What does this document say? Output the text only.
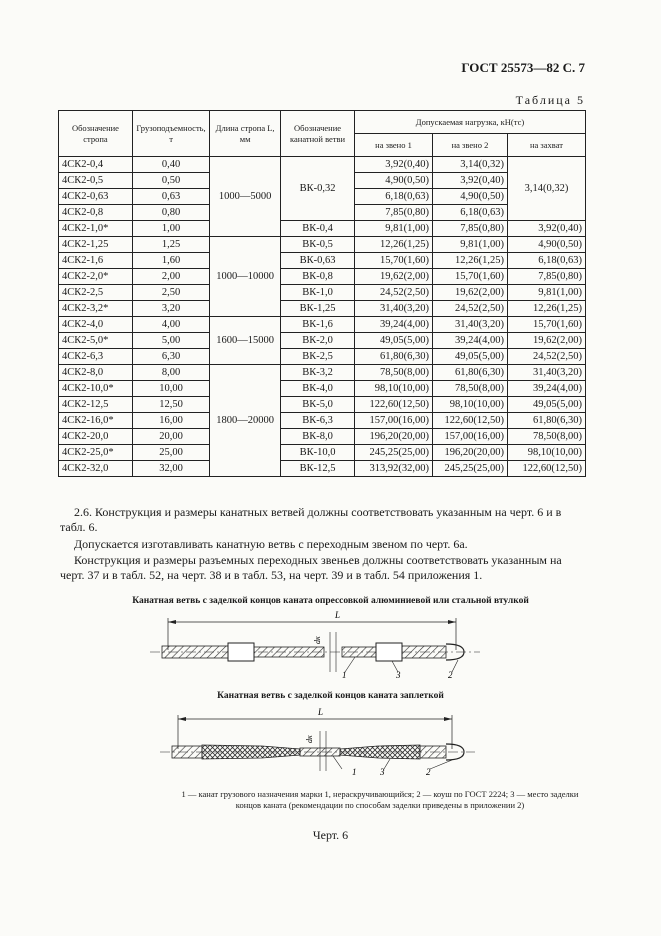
ГОСТ 25573—82 С. 7
Таблица 5
Обозначение стропа	Грузоподъемность, т	Длина стропа L, мм	Обозначение канатной ветви	Допускаемая нагрузка, кН(тс)		
				на звено 1	на звено 2	на захват
4СК2-0,4	0,40	1000—5000	ВК-0,32	3,92(0,40)	3,14(0,32)	3,14(0,32)
4СК2-0,5	0,50			4,90(0,50)	3,92(0,40)	
4СК2-0,63	0,63			6,18(0,63)	4,90(0,50)	
4СК2-0,8	0,80			7,85(0,80)	6,18(0,63)	
4СК2-1,0*	1,00		ВК-0,4	9,81(1,00)	7,85(0,80)	3,92(0,40)
4СК2-1,25	1,25	1000—10000	ВК-0,5	12,26(1,25)	9,81(1,00)	4,90(0,50)
4СК2-1,6	1,60		ВК-0,63	15,70(1,60)	12,26(1,25)	6,18(0,63)
4СК2-2,0*	2,00		ВК-0,8	19,62(2,00)	15,70(1,60)	7,85(0,80)
4СК2-2,5	2,50		ВК-1,0	24,52(2,50)	19,62(2,00)	9,81(1,00)
4СК2-3,2*	3,20		ВК-1,25	31,40(3,20)	24,52(2,50)	12,26(1,25)
4СК2-4,0	4,00	1600—15000	ВК-1,6	39,24(4,00)	31,40(3,20)	15,70(1,60)
4СК2-5,0*	5,00		ВК-2,0	49,05(5,00)	39,24(4,00)	19,62(2,00)
4СК2-6,3	6,30		ВК-2,5	61,80(6,30)	49,05(5,00)	24,52(2,50)
4СК2-8,0	8,00	1800—20000	ВК-3,2	78,50(8,00)	61,80(6,30)	31,40(3,20)
4СК2-10,0*	10,00		ВК-4,0	98,10(10,00)	78,50(8,00)	39,24(4,00)
4СК2-12,5	12,50		ВК-5,0	122,60(12,50)	98,10(10,00)	49,05(5,00)
4СК2-16,0*	16,00		ВК-6,3	157,00(16,00)	122,60(12,50)	61,80(6,30)
4СК2-20,0	20,00		ВК-8,0	196,20(20,00)	157,00(16,00)	78,50(8,00)
4СК2-25,0*	25,00		ВК-10,0	245,25(25,00)	196,20(20,00)	98,10(10,00)
4СК2-32,0	32,00		ВК-12,5	313,92(32,00)	245,25(25,00)	122,60(12,50)
2.6. Конструкция и размеры канатных ветвей должны соответствовать указанным на черт. 6 и в табл. 6.
Допускается изготавливать канатную ветвь с переходным звеном по черт. 6а.
Конструкция и размеры разъемных переходных звеньев должны соответствовать указанным на черт. 37 и в табл. 52, на черт. 38 и в табл. 53, на черт. 39 и в табл. 54 приложения 1.
Канатная ветвь с заделкой концов каната опрессовкой алюминиевой или стальной втулкой
L
dк
1	3	2
Канатная ветвь с заделкой концов каната заплеткой
L
dк
1	3	2
1 — канат грузового назначения марки 1, нераскручивающийся; 2 — коуш по ГОСТ 2224; 3 — место заделки концов каната (рекомендации по способам заделки приведены в приложении 2)
Черт. 6
